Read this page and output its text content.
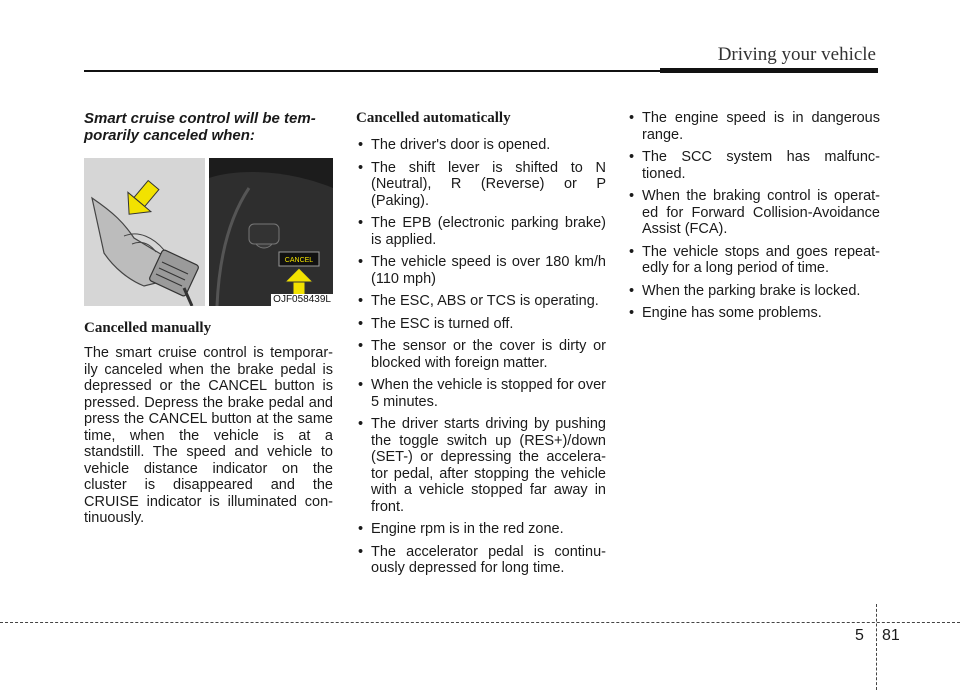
Driving your vehicle

Smart cruise control will be tem-porarily canceled when:

CANCEL
OJF058439L

Cancelled manually

The smart cruise control is temporar-ily canceled when the brake pedal is depressed or the CANCEL button is pressed. Depress the brake pedal and press the CANCEL button at the same time, when the vehicle is at a standstill. The speed and vehicle to vehicle distance indicator on the cluster is disappeared and the CRUISE indicator is illuminated con-tinuously.

Cancelled automatically

• The driver's door is opened.
• The shift lever is shifted to N (Neutral), R (Reverse) or P (Paking).
• The EPB (electronic parking brake) is applied.
• The vehicle speed is over 180 km/h (110 mph)
• The ESC, ABS or TCS is operating.
• The ESC is turned off.
• The sensor or the cover is dirty or blocked with foreign matter.
• When the vehicle is stopped for over 5 minutes.
• The driver starts driving by pushing the toggle switch up (RES+)/down (SET-) or depressing the accelera-tor pedal, after stopping the vehicle with a vehicle stopped far away in front.
• Engine rpm is in the red zone.
• The accelerator pedal is continu-ously depressed for long time.
• The engine speed is in dangerous range.
• The SCC system has malfunc-tioned.
• When the braking control is operat-ed for Forward Collision-Avoidance Assist (FCA).
• The vehicle stops and goes repeat-edly for a long period of time.
• When the parking brake is locked.
• Engine has some problems.
5 81
